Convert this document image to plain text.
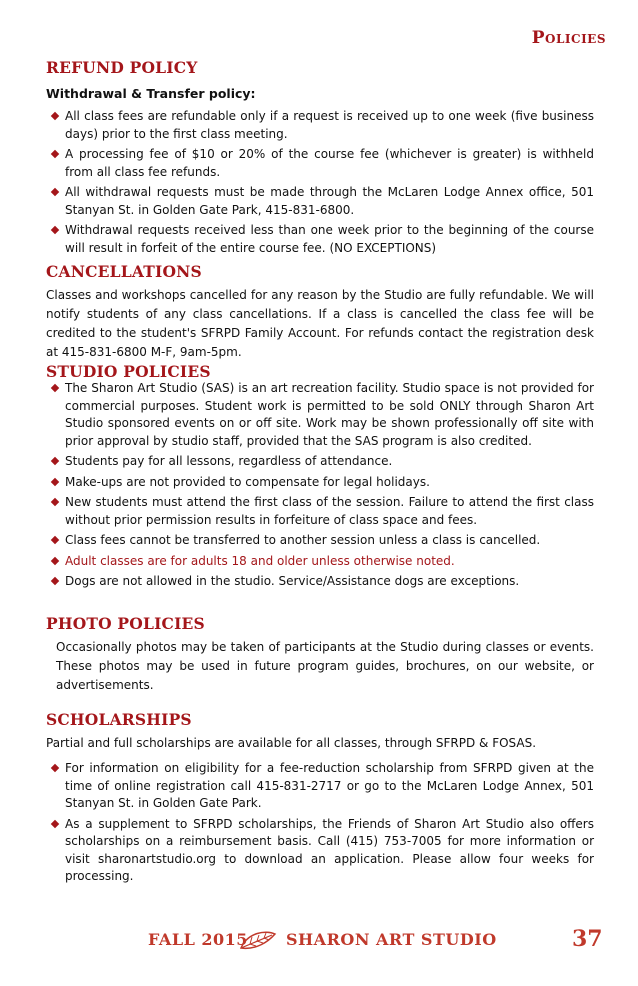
Policies
REFUND POLICY

Withdrawal & Transfer policy:

All class fees are refundable only if a request is received up to one week (five business days) prior to the first class meeting.
A processing fee of $10 or 20% of the course fee (whichever is greater) is withheld from all class fee refunds.
All withdrawal requests must be made through the McLaren Lodge Annex office, 501 Stanyan St. in Golden Gate Park, 415-831-6800.
Withdrawal requests received less than one week prior to the beginning of the course will result in forfeit of the entire course fee. (NO EXCEPTIONS)
CANCELLATIONS

Classes and workshops cancelled for any reason by the Studio are fully refundable. We will notify students of any class cancellations. If a class is cancelled the class fee will be credited to the student's SFRPD Family Account. For refunds contact the registration desk at 415-831-6800 M-F, 9am-5pm.

STUDIO POLICIES
The Sharon Art Studio (SAS) is an art recreation facility. Studio space is not provided for commercial purposes. Student work is permitted to be sold ONLY through Sharon Art Studio sponsored events on or off site. Work may be shown professionally off site with prior approval by studio staff, provided that the SAS program is also credited.
Students pay for all lessons, regardless of attendance.
Make-ups are not provided to compensate for legal holidays.
New students must attend the first class of the session. Failure to attend the first class without prior permission results in forfeiture of class space and fees.
Class fees cannot be transferred to another session unless a class is cancelled.
Adult classes are for adults 18 and older unless otherwise noted.
Dogs are not allowed in the studio. Service/Assistance dogs are exceptions.
PHOTO POLICIES

Occasionally photos may be taken of participants at the Studio during classes or events. These photos may be used in future program guides, brochures, on our website, or advertisements.

SCHOLARSHIPS

Partial and full scholarships are available for all classes, through SFRPD & FOSAS.

For information on eligibility for a fee-reduction scholarship from SFRPD given at the time of online registration call 415-831-2717 or go to the McLaren Lodge Annex, 501 Stanyan St. in Golden Gate Park.
As a supplement to SFRPD scholarships, the Friends of Sharon Art Studio also offers scholarships on a reimbursement basis. Call (415) 753-7005 for more information or visit sharonartstudio.org to download an application. Please allow four weeks for processing.
FALL 2015 SHARON ART STUDIO	37
